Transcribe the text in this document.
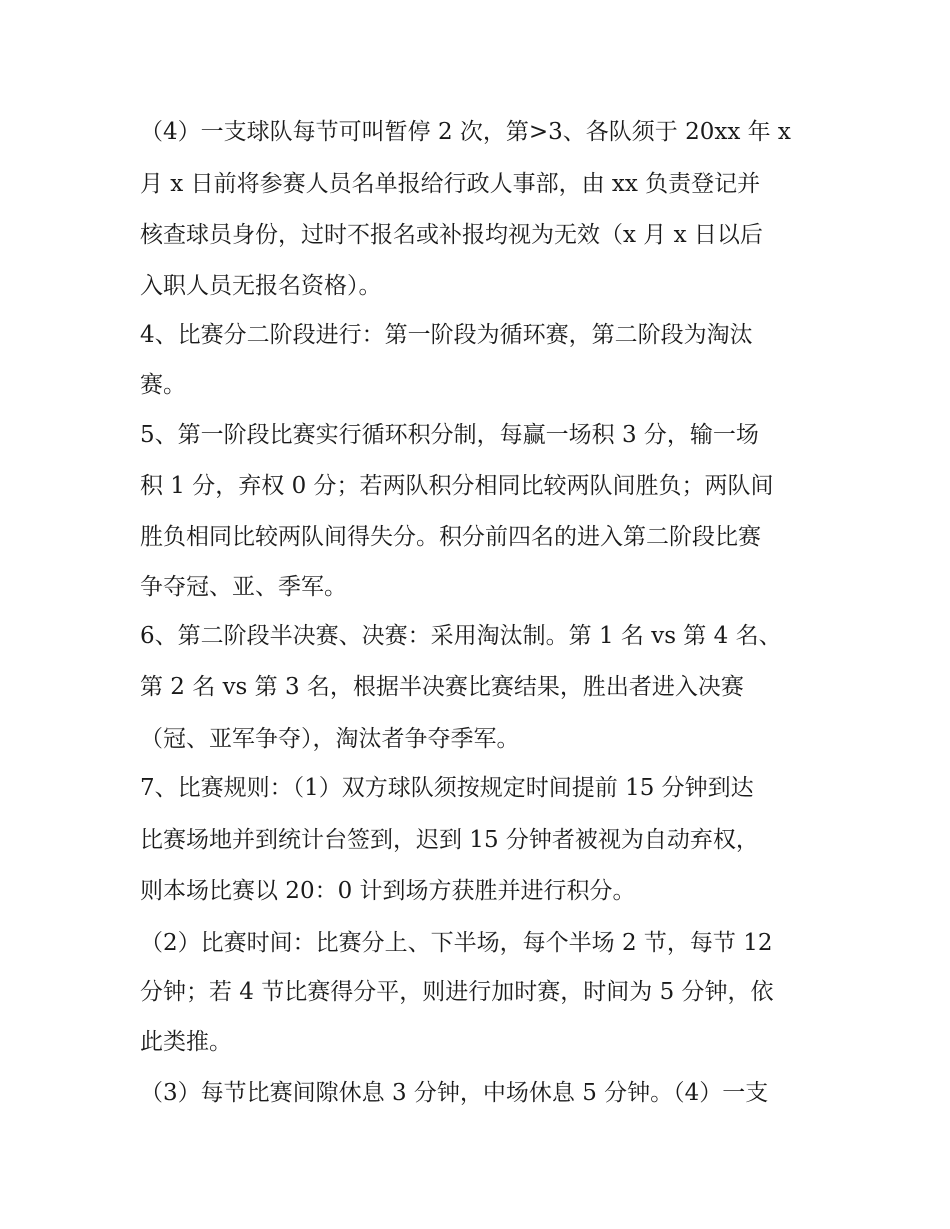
（4）一支球队每节可叫暂停 2 次，第>3、各队须于 20xx 年 x
月 x 日前将参赛人员名单报给行政人事部，由 xx 负责登记并
核查球员身份，过时不报名或补报均视为无效（x 月 x 日以后
入职人员无报名资格）。
4、比赛分二阶段进行：第一阶段为循环赛，第二阶段为淘汰
赛。
5、第一阶段比赛实行循环积分制，每赢一场积 3 分，输一场
积 1 分，弃权 0 分；若两队积分相同比较两队间胜负；两队间
胜负相同比较两队间得失分。积分前四名的进入第二阶段比赛
争夺冠、亚、季军。
6、第二阶段半决赛、决赛：采用淘汰制。第 1 名 vs 第 4 名、
第 2 名 vs 第 3 名，根据半决赛比赛结果，胜出者进入决赛
（冠、亚军争夺），淘汰者争夺季军。
7、比赛规则：（1）双方球队须按规定时间提前 15 分钟到达
比赛场地并到统计台签到，迟到 15 分钟者被视为自动弃权，
则本场比赛以 20：0 计到场方获胜并进行积分。
（2）比赛时间：比赛分上、下半场，每个半场 2 节，每节 12
分钟；若 4 节比赛得分平，则进行加时赛，时间为 5 分钟，依
此类推。
（3）每节比赛间隙休息 3 分钟，中场休息 5 分钟。（4）一支
